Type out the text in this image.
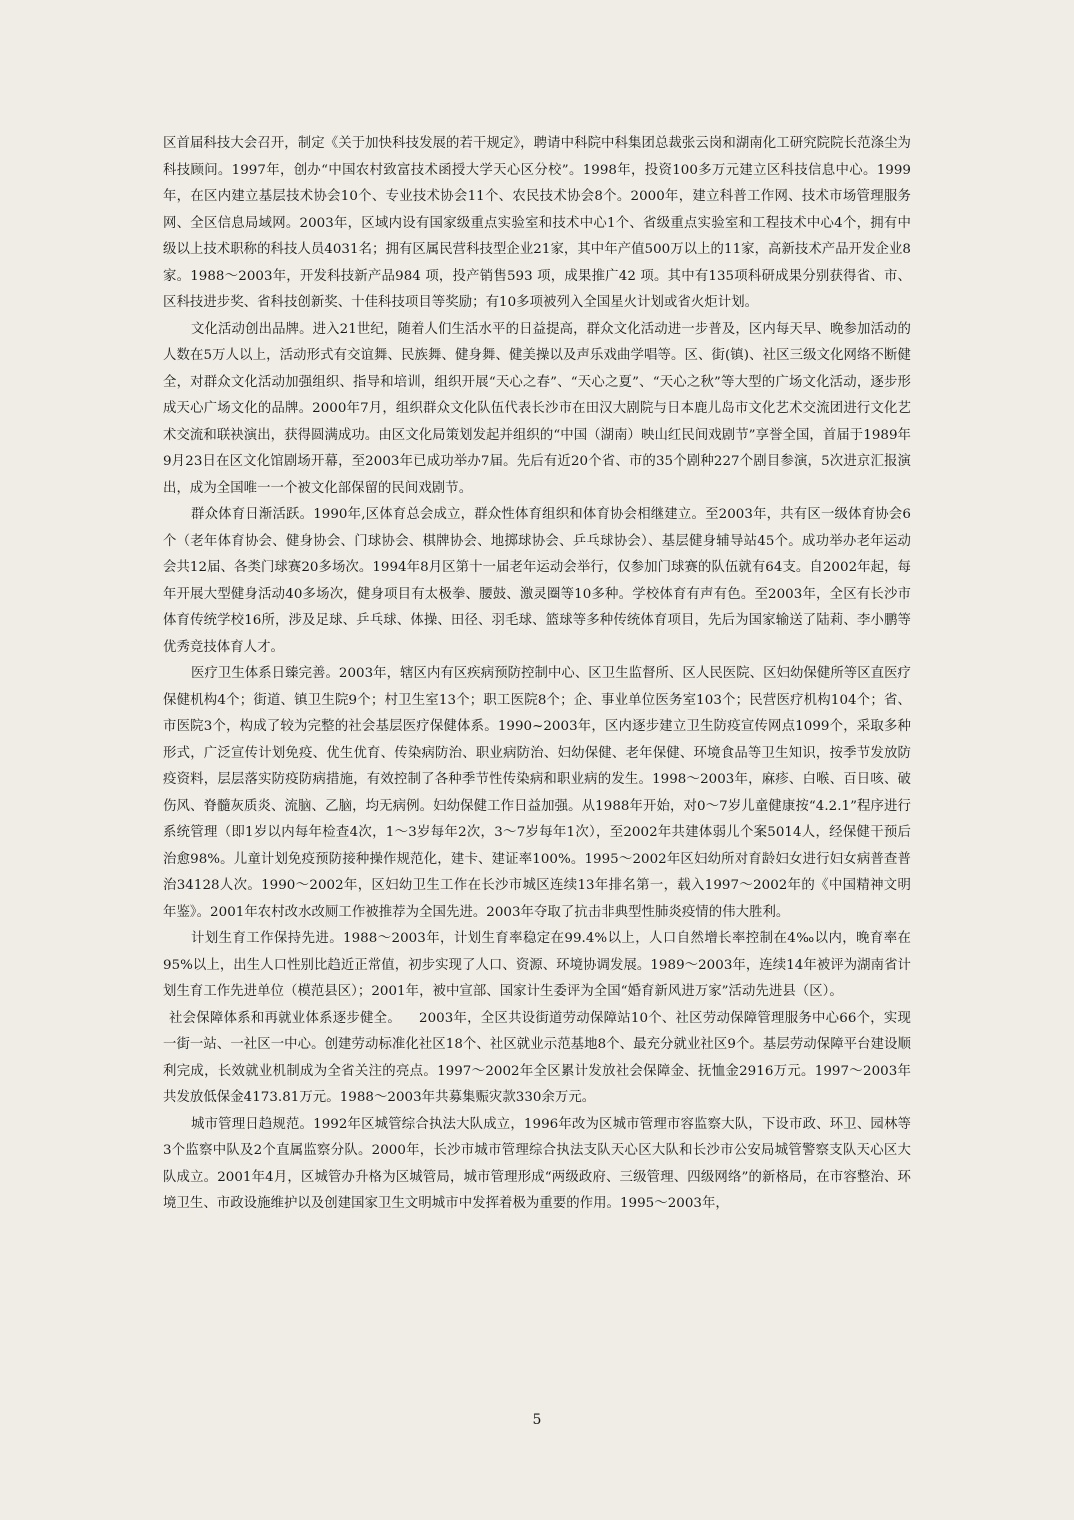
区首届科技大会召开，制定《关于加快科技发展的若干规定》，聘请中科院中科集团总裁张云岗和湖南化工研究院院长范涤尘为科技顾问。1997年，创办“中国农村致富技术函授大学天心区分校”。1998年，投资100多万元建立区科技信息中心。1999年，在区内建立基层技术协会10个、专业技术协会11个、农民技术协会8个。2000年，建立科普工作网、技术市场管理服务网、全区信息局域网。2003年，区域内设有国家级重点实验室和技术中心1个、省级重点实验室和工程技术中心4个，拥有中级以上技术职称的科技人员4031名；拥有区属民营科技型企业21家，其中年产值500万以上的11家，高新技术产品开发企业8家。1988～2003年，开发科技新产品984 项，投产销售593 项，成果推广42 项。其中有135项科研成果分别获得省、市、区科技进步奖、省科技创新奖、十佳科技项目等奖励；有10多项被列入全国星火计划或省火炬计划。

文化活动创出品牌。进入21世纪，随着人们生活水平的日益提高，群众文化活动进一步普及，区内每天早、晚参加活动的人数在5万人以上，活动形式有交谊舞、民族舞、健身舞、健美操以及声乐戏曲学唱等。区、街(镇)、社区三级文化网络不断健全，对群众文化活动加强组织、指导和培训，组织开展“天心之春”、“天心之夏”、“天心之秋”等大型的广场文化活动，逐步形成天心广场文化的品牌。2000年7月，组织群众文化队伍代表长沙市在田汉大剧院与日本鹿儿岛市文化艺术交流团进行文化艺术交流和联袂演出，获得圆满成功。由区文化局策划发起并组织的“中国（湖南）映山红民间戏剧节”享誉全国，首届于1989年9月23日在区文化馆剧场开幕，至2003年已成功举办7届。先后有近20个省、市的35个剧种227个剧目参演，5次进京汇报演出，成为全国唯一一个被文化部保留的民间戏剧节。

群众体育日渐活跃。1990年,区体育总会成立，群众性体育组织和体育协会相继建立。至2003年，共有区一级体育协会6个（老年体育协会、健身协会、门球协会、棋牌协会、地掷球协会、乒乓球协会）、基层健身辅导站45个。成功举办老年运动会共12届、各类门球赛20多场次。1994年8月区第十一届老年运动会举行，仅参加门球赛的队伍就有64支。自2002年起，每年开展大型健身活动40多场次，健身项目有太极拳、腰鼓、激灵圈等10多种。学校体育有声有色。至2003年，全区有长沙市体育传统学校16所，涉及足球、乒乓球、体操、田径、羽毛球、篮球等多种传统体育项目，先后为国家输送了陆莉、李小鹏等优秀竞技体育人才。

医疗卫生体系日臻完善。2003年，辖区内有区疾病预防控制中心、区卫生监督所、区人民医院、区妇幼保健所等区直医疗保健机构4个；街道、镇卫生院9个；村卫生室13个；职工医院8个；企、事业单位医务室103个；民营医疗机构104个；省、市医院3个，构成了较为完整的社会基层医疗保健体系。1990~2003年，区内逐步建立卫生防疫宣传网点1099个，采取多种形式，广泛宣传计划免疫、优生优育、传染病防治、职业病防治、妇幼保健、老年保健、环境食品等卫生知识，按季节发放防疫资料，层层落实防疫防病措施，有效控制了各种季节性传染病和职业病的发生。1998～2003年，麻疹、白喉、百日咳、破伤风、脊髓灰质炎、流脑、乙脑，均无病例。妇幼保健工作日益加强。从1988年开始，对0～7岁儿童健康按“4.2.1”程序进行系统管理（即1岁以内每年检查4次，1～3岁每年2次，3～7岁每年1次），至2002年共建体弱儿个案5014人，经保健干预后治愈98%。儿童计划免疫预防接种操作规范化，建卡、建证率100%。1995～2002年区妇幼所对育龄妇女进行妇女病普查普治34128人次。1990～2002年，区妇幼卫生工作在长沙市城区连续13年排名第一，载入1997～2002年的《中国精神文明年鉴》。2001年农村改水改厕工作被推荐为全国先进。2003年夺取了抗击非典型性肺炎疫情的伟大胜利。

计划生育工作保持先进。1988～2003年，计划生育率稳定在99.4%以上，人口自然增长率控制在4‰以内，晚育率在95%以上，出生人口性别比趋近正常值，初步实现了人口、资源、环境协调发展。1989～2003年，连续14年被评为湖南省计划生育工作先进单位（模范县区）；2001年，被中宣部、国家计生委评为全国“婚育新风进万家”活动先进县（区）。

社会保障体系和再就业体系逐步健全。    2003年，全区共设街道劳动保障站10个、社区劳动保障管理服务中心66个，实现一街一站、一社区一中心。创建劳动标准化社区18个、社区就业示范基地8个、最充分就业社区9个。基层劳动保障平台建设顺利完成，长效就业机制成为全省关注的亮点。1997～2002年全区累计发放社会保障金、抚恤金2916万元。1997～2003年共发放低保金4173.81万元。1988～2003年共募集赈灾款330余万元。

城市管理日趋规范。1992年区城管综合执法大队成立，1996年改为区城市管理市容监察大队，下设市政、环卫、园林等3个监察中队及2个直属监察分队。2000年，长沙市城市管理综合执法支队天心区大队和长沙市公安局城管警察支队天心区大队成立。2001年4月，区城管办升格为区城管局，城市管理形成“两级政府、三级管理、四级网络”的新格局，在市容整治、环境卫生、市政设施维护以及创建国家卫生文明城市中发挥着极为重要的作用。1995～2003年，

5
